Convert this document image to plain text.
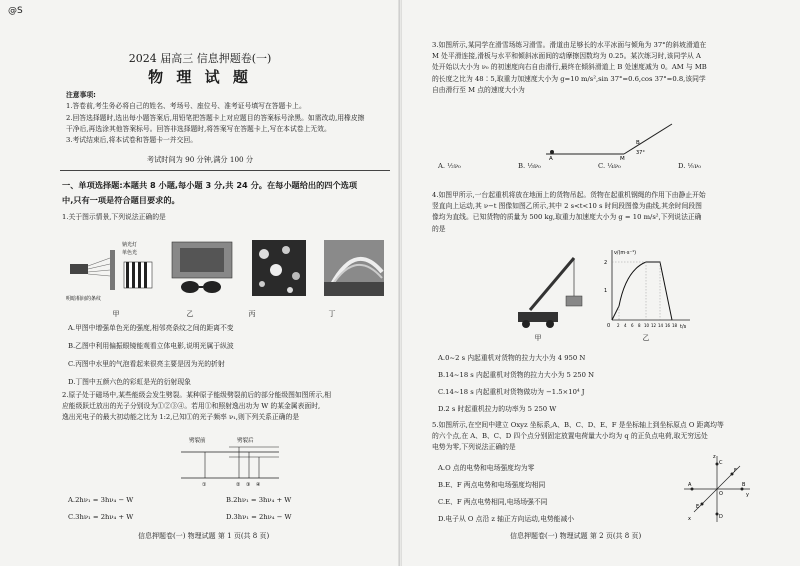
@S
2024 届高三 信息押题卷(一)
物 理 试 题
注意事项:
1.答卷前,考生务必将自己的姓名、考场号、座位号、准考证号填写在答题卡上。
2.回答选择题时,选出每小题答案后,用铅笔把答题卡上对应题目的答案标号涂黑。如需改动,用橡皮擦
干净后,再选涂其他答案标号。回答非选择题时,将答案写在答题卡上,写在本试卷上无效。
3.考试结束后,将本试卷和答题卡一并交回。
考试时间为 90 分钟,满分 100 分
一、单项选择题:本题共 8 小题,每小题 3 分,共 24 分。在每小题给出的四个选项
中,只有一项是符合题目要求的。
1.关于图示情景,下列说法正确的是
钠光灯
单色光
明暗相间的条纹
甲	乙	丙	丁
A.甲图中增强单色光的强度,相邻亮条纹之间的距离不变
B.乙图中利用偏振眼镜能观看立体电影,说明光属于纵波
C.丙图中水里的气泡看起来很亮主要是因为光的折射
D.丁图中五颜六色的彩虹是光的衍射现象
2.原子处于磁场中,某些能级会发生劈裂。某种原子能级劈裂前后的部分能级图如图所示,相
应能级跃迁放出的光子分别设为①②③④。若用①和照射逸出功为 W 的某金属表面时,
逸出光电子的最大初动能之比为 1:2,已知①的光子频率 ν₁,则下列关系正确的是
劈裂前	劈裂后
①	② ③ ④
A.2hν₁ = 3hν₄ − W	B.2hν₁ = 3hν₄ + W
C.3hν₁ = 2hν₄ + W	D.3hν₁ = 2hν₄ − W
信息押题卷(一) 物理试题 第 1 页(共 8 页)
3.如图所示,某同学在滑雪场练习滑雪。滑道由足够长的水平冰面与倾角为 37°的斜坡滑道在
M 处平滑连接,滑板与水平和倾斜冰面间的动摩擦因数均为 0.25。某次练习时,该同学从 A
处开始以大小为 ν₀ 的初速度向右自由滑行,最终在倾斜滑道上 B 处速度减为 0。AM 与 MB
的长度之比为 48∶5,取重力加速度大小为 g=10 m/s²,sin 37°=0.6,cos 37°=0.8,该同学
自由滑行至 M 点的速度大小为
A	M
B
37°
A. ½ν₀	B. ⅓ν₀	C. ¼ν₀	D. ⅕ν₀
4.如图甲所示,一台起重机将放在地面上的货物吊起。货物在起重机钢绳的作用下由静止开始
竖直向上运动,其 ν−t 图像如图乙所示,其中 2 s<t<10 s 时间段图像为曲线,其余时间段图
像均为直线。已知货物的质量为 500 kg,取重力加速度大小为 g = 10 m/s²,下列说法正确
的是
ν/(m·s⁻¹)
t/s
0
1
2
2 4 6 8 10 12 14 16 18
甲	乙
A.0~2 s 内起重机对货物的拉力大小为 4 950 N
B.14~18 s 内起重机对货物的拉力大小为 5 250 N
C.14~18 s 内起重机对货物做功为 −1.5×10⁴ J
D.2 s 时起重机拉力的功率为 5 250 W
5.如图所示,在空间中建立 Oxyz 坐标系,A、B、C、D、E、F 是坐标轴上到坐标原点 O 距离均等
的六个点,在 A、B、C、D 四个点分别固定放置电荷量大小均为 q 的正负点电荷,取无穷远处
电势为零,下列说法正确的是
A.O 点的电势和电场强度均为零
B.E、F 两点电势和电场强度均相同
C.E、F 两点电势相同,电场场强不同
D.电子从 O 点沿 z 轴正方向运动,电势能减小
C
D
A	B
E
F
O
z
y
x
信息押题卷(一) 物理试题 第 2 页(共 8 页)
